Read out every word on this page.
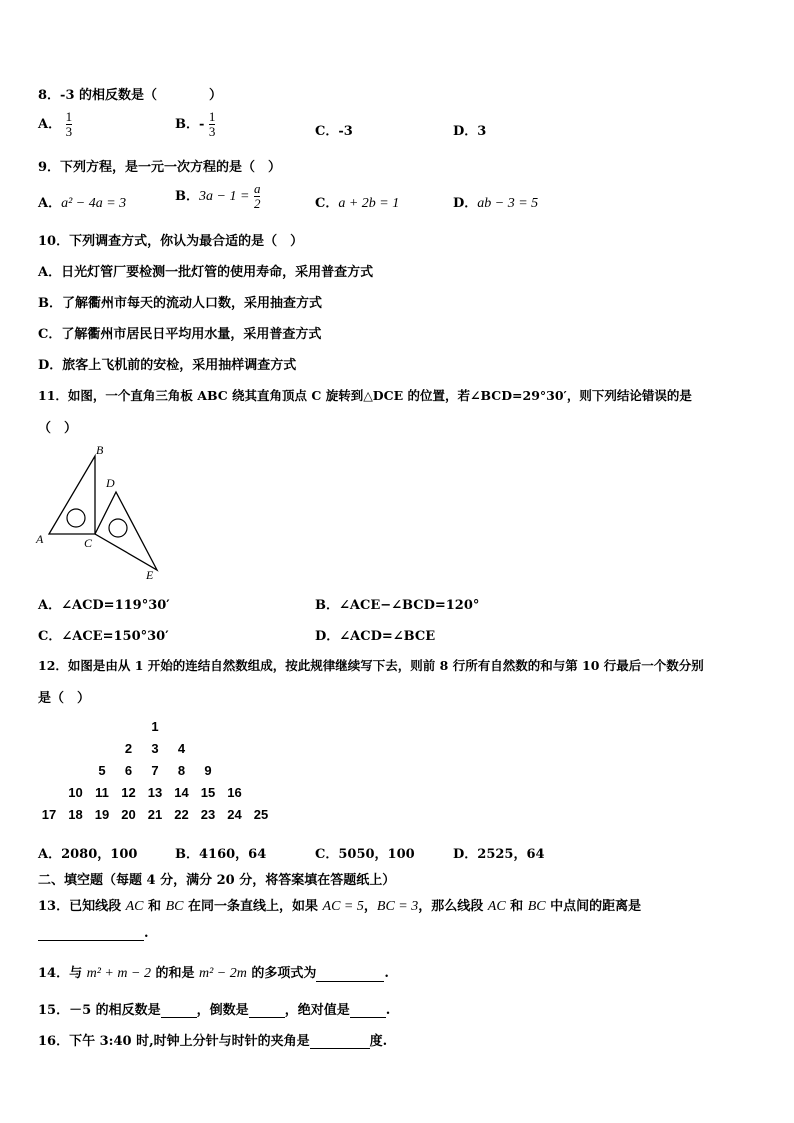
8．-3 的相反数是（　　　　）
A． $\frac{1}{3}$	B．- $\frac{1}{3}$	C．-3	D．3
9．下列方程，是一元一次方程的是（　）
A．a² − 4a = 3	B．$3a - 1 = \frac{a}{2}$	C．a + 2b = 1	D．ab − 3 = 5
10．下列调查方式，你认为最合适的是（　）
A．日光灯管厂要检测一批灯管的使用寿命，采用普查方式
B．了解衢州市每天的流动人口数，采用抽查方式
C．了解衢州市居民日平均用水量，采用普查方式
D．旅客上飞机前的安检，采用抽样调查方式
11．如图，一个直角三角板 ABC 绕其直角顶点 C 旋转到△DCE 的位置，若∠BCD=29°30′，则下列结论错误的是
（　）
A
B
C
D
E
A．∠ACD=119°30′	B．∠ACE−∠BCD=120°
C．∠ACE=150°30′	D．∠ACD=∠BCE
12．如图是由从 1 开始的连结自然数组成，按此规律继续写下去，则前 8 行所有自然数的和与第 10 行最后一个数分别
是（　）
1
2	3	4
5	6	7	8	9
10 11 12 13 14 15 16
17 18 19 20 21 22 23 24 25
A．2080，100	B．4160，64	C．5050，100	D．2525，64
二、填空题（每题 4 分，满分 20 分，将答案填在答题纸上）
13．已知线段 AC 和 BC 在同一条直线上，如果 AC = 5，BC = 3，那么线段 AC 和 BC 中点间的距离是
.
14．与 m² + m − 2 的和是 m² − 2m 的多项式为	.
15．－5 的相反数是	，倒数是	，绝对值是	.
16．下午 3:40 时,时钟上分针与时针的夹角是	度.
